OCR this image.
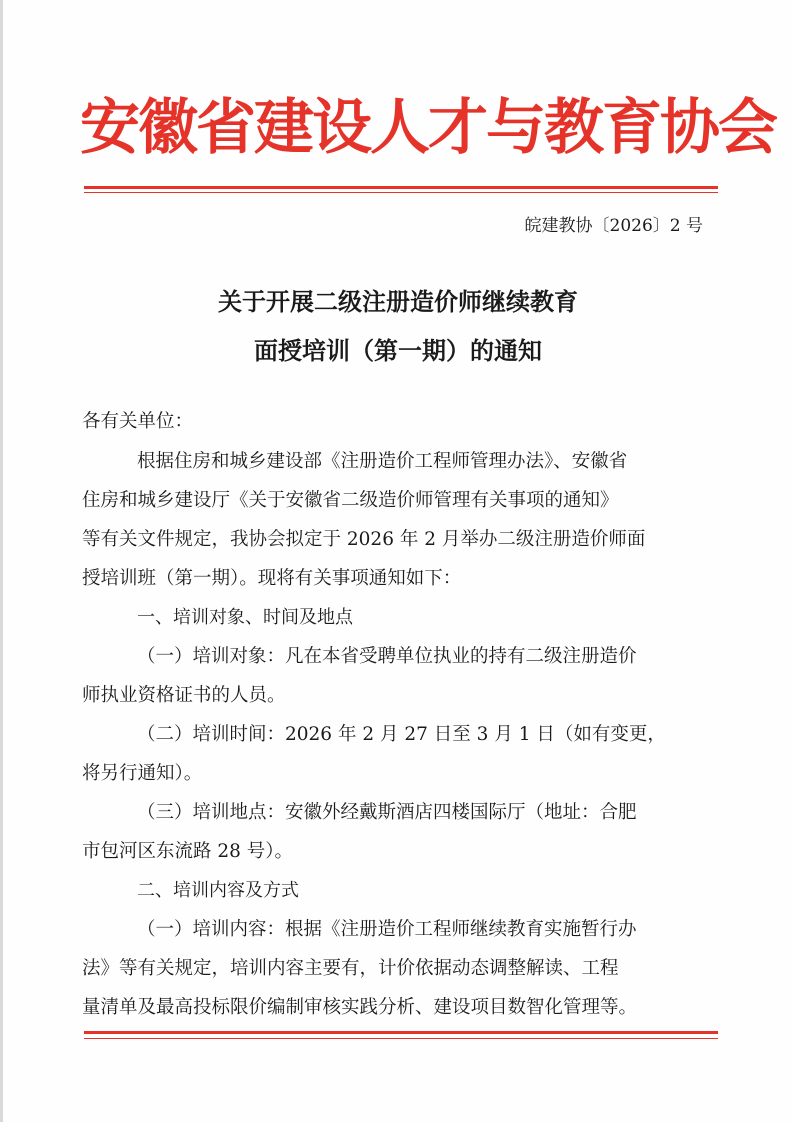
安徽省建设人才与教育协会
皖建教协〔2026〕2 号
关于开展二级注册造价师继续教育
面授培训（第一期）的通知
各有关单位：
根据住房和城乡建设部《注册造价工程师管理办法》、安徽省
住房和城乡建设厅《关于安徽省二级造价师管理有关事项的通知》
等有关文件规定，我协会拟定于 2026 年 2 月举办二级注册造价师面
授培训班（第一期）。现将有关事项通知如下：
一、培训对象、时间及地点
（一）培训对象：凡在本省受聘单位执业的持有二级注册造价
师执业资格证书的人员。
（二）培训时间：2026 年 2 月 27 日至 3 月 1 日（如有变更，
将另行通知）。
（三）培训地点：安徽外经戴斯酒店四楼国际厅（地址：合肥
市包河区东流路 28 号）。
二、培训内容及方式
（一）培训内容：根据《注册造价工程师继续教育实施暂行办
法》等有关规定，培训内容主要有，计价依据动态调整解读、工程
量清单及最高投标限价编制审核实践分析、建设项目数智化管理等。
